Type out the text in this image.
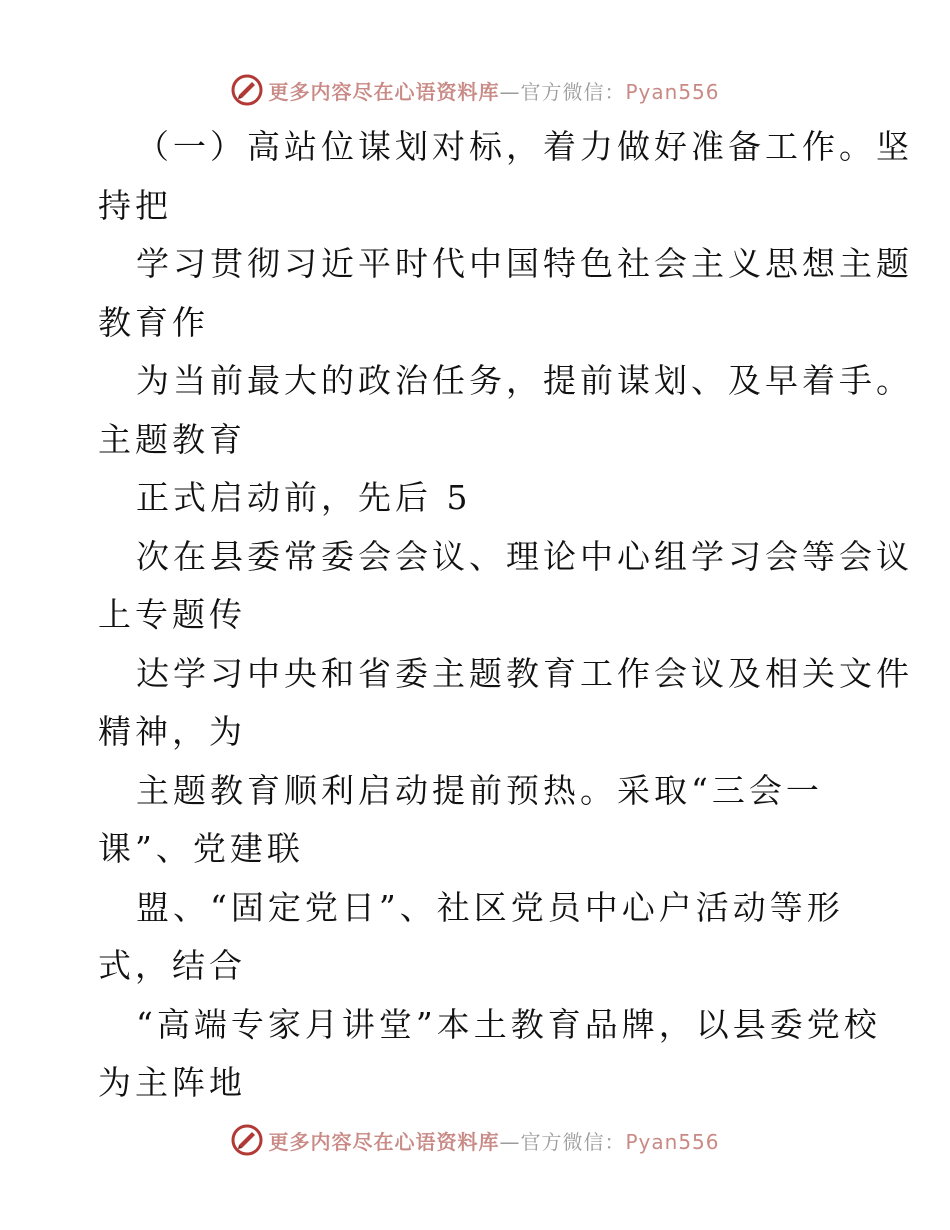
更多内容尽在心语资料库—官方微信：Pyan556
（一）高站位谋划对标，着力做好准备工作。坚
持把
学习贯彻习近平时代中国特色社会主义思想主题
教育作
为当前最大的政治任务，提前谋划、及早着手。
主题教育
正式启动前，先后 5
次在县委常委会会议、理论中心组学习会等会议
上专题传
达学习中央和省委主题教育工作会议及相关文件
精神，为
主题教育顺利启动提前预热。采取“三会一
课”、党建联
盟、“固定党日”、社区党员中心户活动等形
式，结合
“高端专家月讲堂”本土教育品牌，以县委党校
为主阵地
更多内容尽在心语资料库—官方微信：Pyan556
